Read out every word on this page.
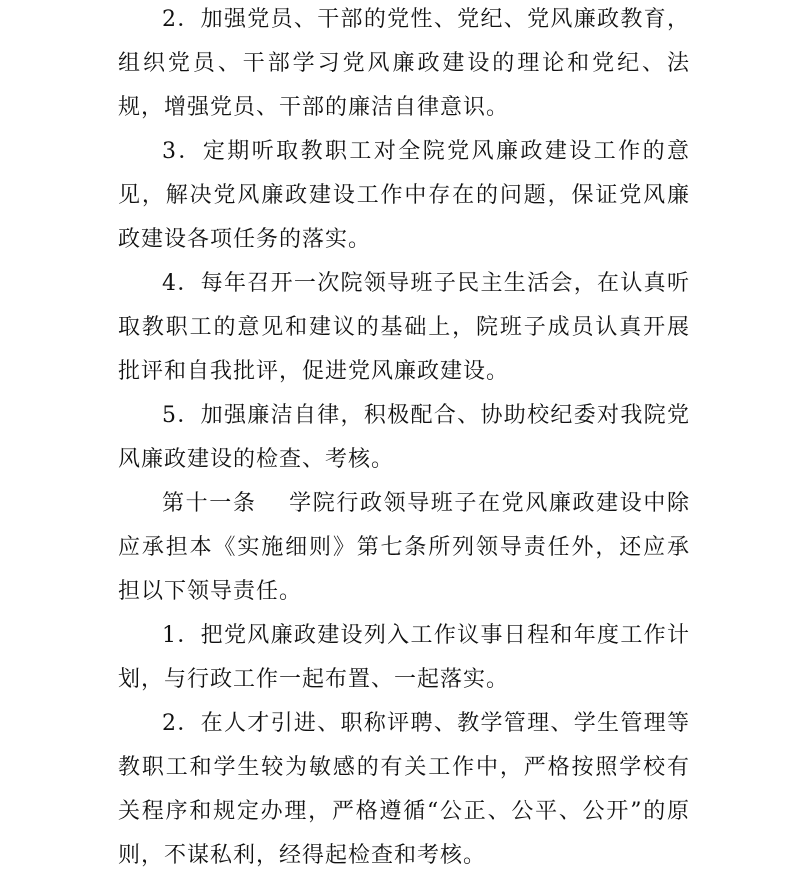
2．加强党员、干部的党性、党纪、党风廉政教育，组织党员、干部学习党风廉政建设的理论和党纪、法规，增强党员、干部的廉洁自律意识。

3．定期听取教职工对全院党风廉政建设工作的意见，解决党风廉政建设工作中存在的问题，保证党风廉政建设各项任务的落实。

4．每年召开一次院领导班子民主生活会，在认真听取教职工的意见和建议的基础上，院班子成员认真开展批评和自我批评，促进党风廉政建设。

5．加强廉洁自律，积极配合、协助校纪委对我院党风廉政建设的检查、考核。

第十一条 学院行政领导班子在党风廉政建设中除应承担本《实施细则》第七条所列领导责任外，还应承担以下领导责任。

1．把党风廉政建设列入工作议事日程和年度工作计划，与行政工作一起布置、一起落实。

2．在人才引进、职称评聘、教学管理、学生管理等教职工和学生较为敏感的有关工作中，严格按照学校有关程序和规定办理，严格遵循“公正、公平、公开”的原则，不谋私利，经得起检查和考核。
